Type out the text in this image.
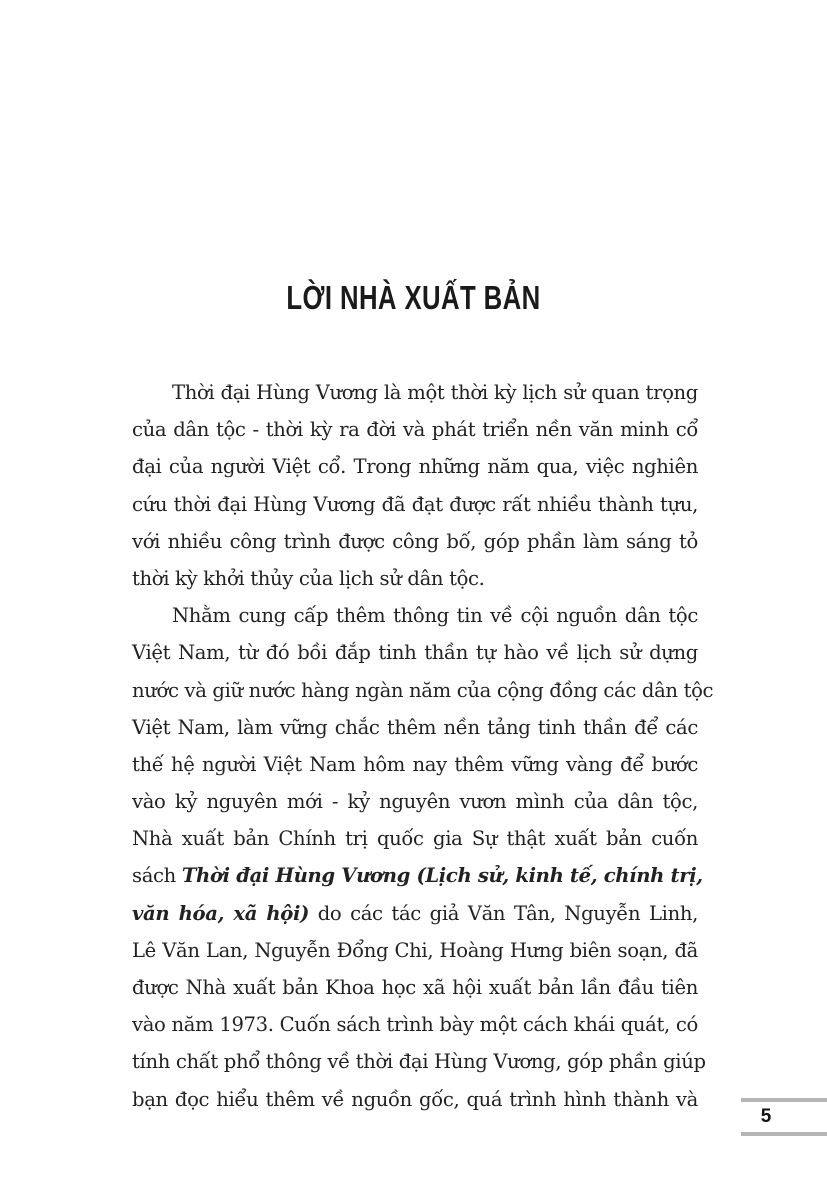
LỜI NHÀ XUẤT BẢN
Thời đại Hùng Vương là một thời kỳ lịch sử quan trọng
của dân tộc - thời kỳ ra đời và phát triển nền văn minh cổ
đại của người Việt cổ. Trong những năm qua, việc nghiên
cứu thời đại Hùng Vương đã đạt được rất nhiều thành tựu,
với nhiều công trình được công bố, góp phần làm sáng tỏ
thời kỳ khởi thủy của lịch sử dân tộc.
Nhằm cung cấp thêm thông tin về cội nguồn dân tộc
Việt Nam, từ đó bồi đắp tinh thần tự hào về lịch sử dựng
nước và giữ nước hàng ngàn năm của cộng đồng các dân tộc
Việt Nam, làm vững chắc thêm nền tảng tinh thần để các
thế hệ người Việt Nam hôm nay thêm vững vàng để bước
vào kỷ nguyên mới - kỷ nguyên vươn mình của dân tộc,
Nhà xuất bản Chính trị quốc gia Sự thật xuất bản cuốn
sách Thời đại Hùng Vương (Lịch sử, kinh tế, chính trị,
văn hóa, xã hội) do các tác giả Văn Tân, Nguyễn Linh,
Lê Văn Lan, Nguyễn Đổng Chi, Hoàng Hưng biên soạn, đã
được Nhà xuất bản Khoa học xã hội xuất bản lần đầu tiên
vào năm 1973. Cuốn sách trình bày một cách khái quát, có
tính chất phổ thông về thời đại Hùng Vương, góp phần giúp
bạn đọc hiểu thêm về nguồn gốc, quá trình hình thành và
5
